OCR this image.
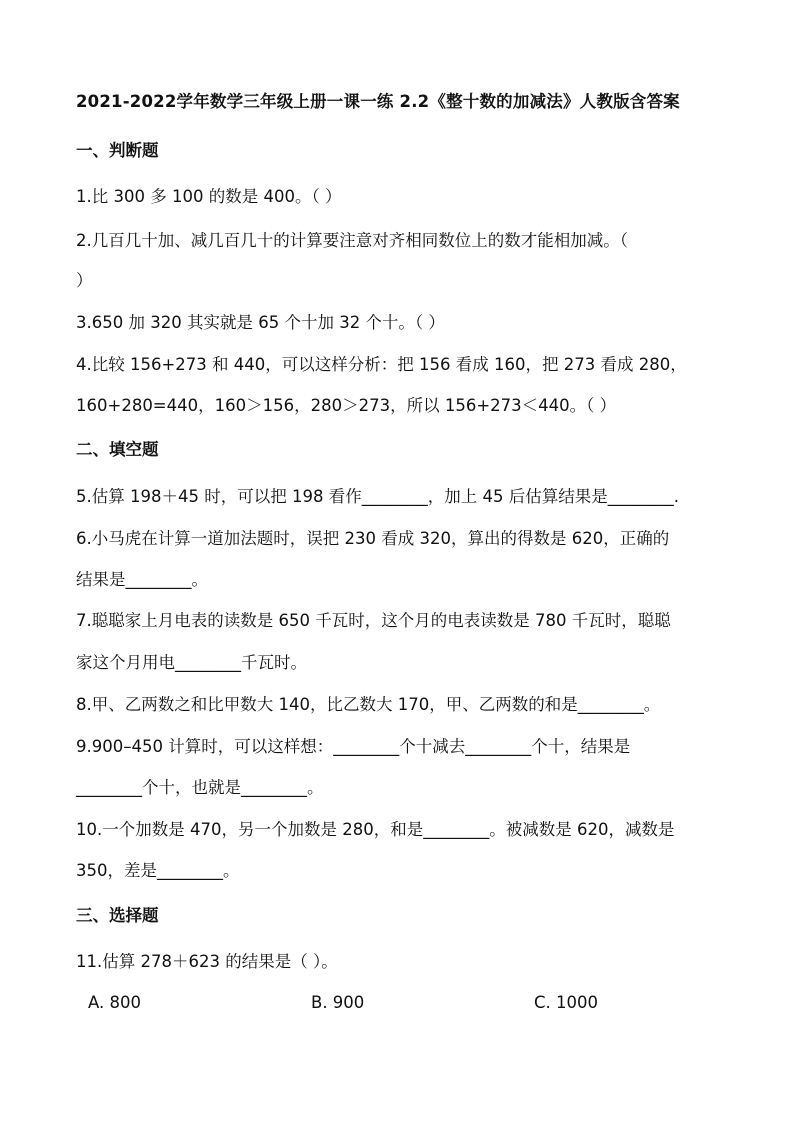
2021-2022学年数学三年级上册一课一练 2.2《整十数的加减法》人教版含答案
一、判断题
1.比 300 多 100 的数是 400。（ ）
2.几百几十加、减几百几十的计算要注意对齐相同数位上的数才能相加减。（
）
3.650 加 320 其实就是 65 个十加 32 个十。（ ）
4.比较 156+273 和 440，可以这样分析：把 156 看成 160，把 273 看成 280，
160+280=440，160＞156，280＞273，所以 156+273＜440。（ ）
二、填空题
5.估算 198＋45 时，可以把 198 看作________，加上 45 后估算结果是________.
6.小马虎在计算一道加法题时，误把 230 看成 320，算出的得数是 620，正确的
结果是________。
7.聪聪家上月电表的读数是 650 千瓦时，这个月的电表读数是 780 千瓦时，聪聪
家这个月用电________千瓦时。
8.甲、乙两数之和比甲数大 140，比乙数大 170，甲、乙两数的和是________。
9.900–450 计算时，可以这样想：________个十减去________个十，结果是
________个十，也就是________。
10.一个加数是 470，另一个加数是 280，和是________。被减数是 620，减数是
350，差是________。
三、选择题
11.估算 278＋623 的结果是（ ）。
A. 800	B. 900	C. 1000
